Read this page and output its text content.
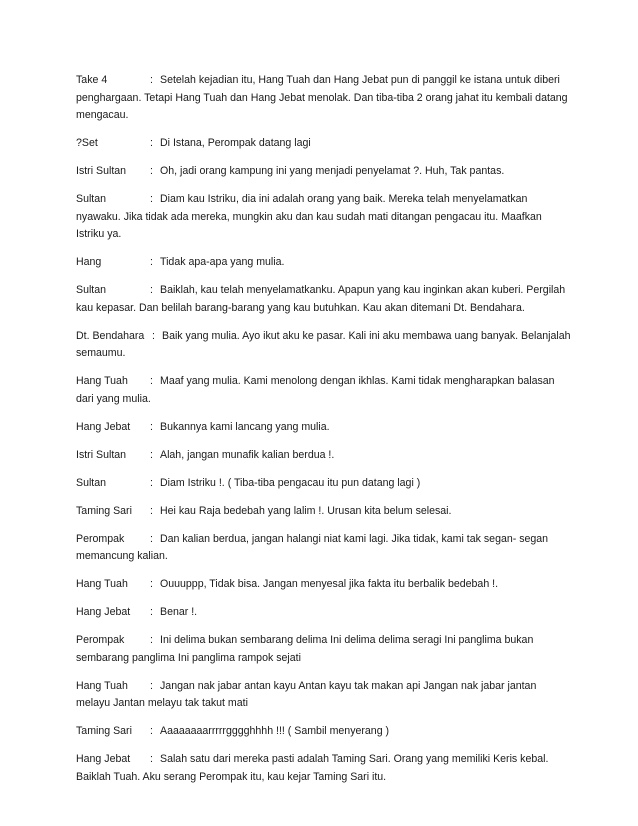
Take 4	: Setelah kejadian itu, Hang Tuah dan Hang Jebat pun di panggil ke istana untuk diberi penghargaan. Tetapi Hang Tuah dan Hang Jebat menolak. Dan tiba-tiba 2 orang jahat itu kembali datang mengacau.

?Set	: Di Istana, Perompak datang lagi

Istri Sultan : Oh, jadi orang kampung ini yang menjadi penyelamat ?. Huh, Tak pantas.

Sultan	: Diam kau Istriku, dia ini adalah orang yang baik. Mereka telah menyelamatkan nyawaku. Jika tidak ada mereka, mungkin aku dan kau sudah mati ditangan pengacau itu. Maafkan Istriku ya.

Hang	: Tidak apa-apa yang mulia.

Sultan	: Baiklah, kau telah menyelamatkanku. Apapun yang kau inginkan akan kuberi. Pergilah kau kepasar. Dan belilah barang-barang yang kau butuhkan. Kau akan ditemani Dt. Bendahara.

Dt. Bendahara : Baik yang mulia. Ayo ikut aku ke pasar. Kali ini aku membawa uang banyak. Belanjalah semaumu.

Hang Tuah : Maaf yang mulia. Kami menolong dengan ikhlas. Kami tidak mengharapkan balasan dari yang mulia.

Hang Jebat : Bukannya kami lancang yang mulia.

Istri Sultan : Alah, jangan munafik kalian berdua !.

Sultan	: Diam Istriku !. ( Tiba-tiba pengacau itu pun datang lagi )

Taming Sari : Hei kau Raja bedebah yang lalim !. Urusan kita belum selesai.

Perompak : Dan kalian berdua, jangan halangi niat kami lagi. Jika tidak, kami tak segan- segan memancung kalian.

Hang Tuah : Ouuuppp, Tidak bisa. Jangan menyesal jika fakta itu berbalik bedebah !.

Hang Jebat : Benar !.

Perompak : Ini delima bukan sembarang delima Ini delima delima seragi Ini panglima bukan sembarang panglima Ini panglima rampok sejati

Hang Tuah : Jangan nak jabar antan kayu Antan kayu tak makan api Jangan nak jabar jantan melayu Jantan melayu tak takut mati

Taming Sari : Aaaaaaaarrrrrgggghhhh !!! ( Sambil menyerang )

Hang Jebat : Salah satu dari mereka pasti adalah Taming Sari. Orang yang memiliki Keris kebal. Baiklah Tuah. Aku serang Perompak itu, kau kejar Taming Sari itu.
